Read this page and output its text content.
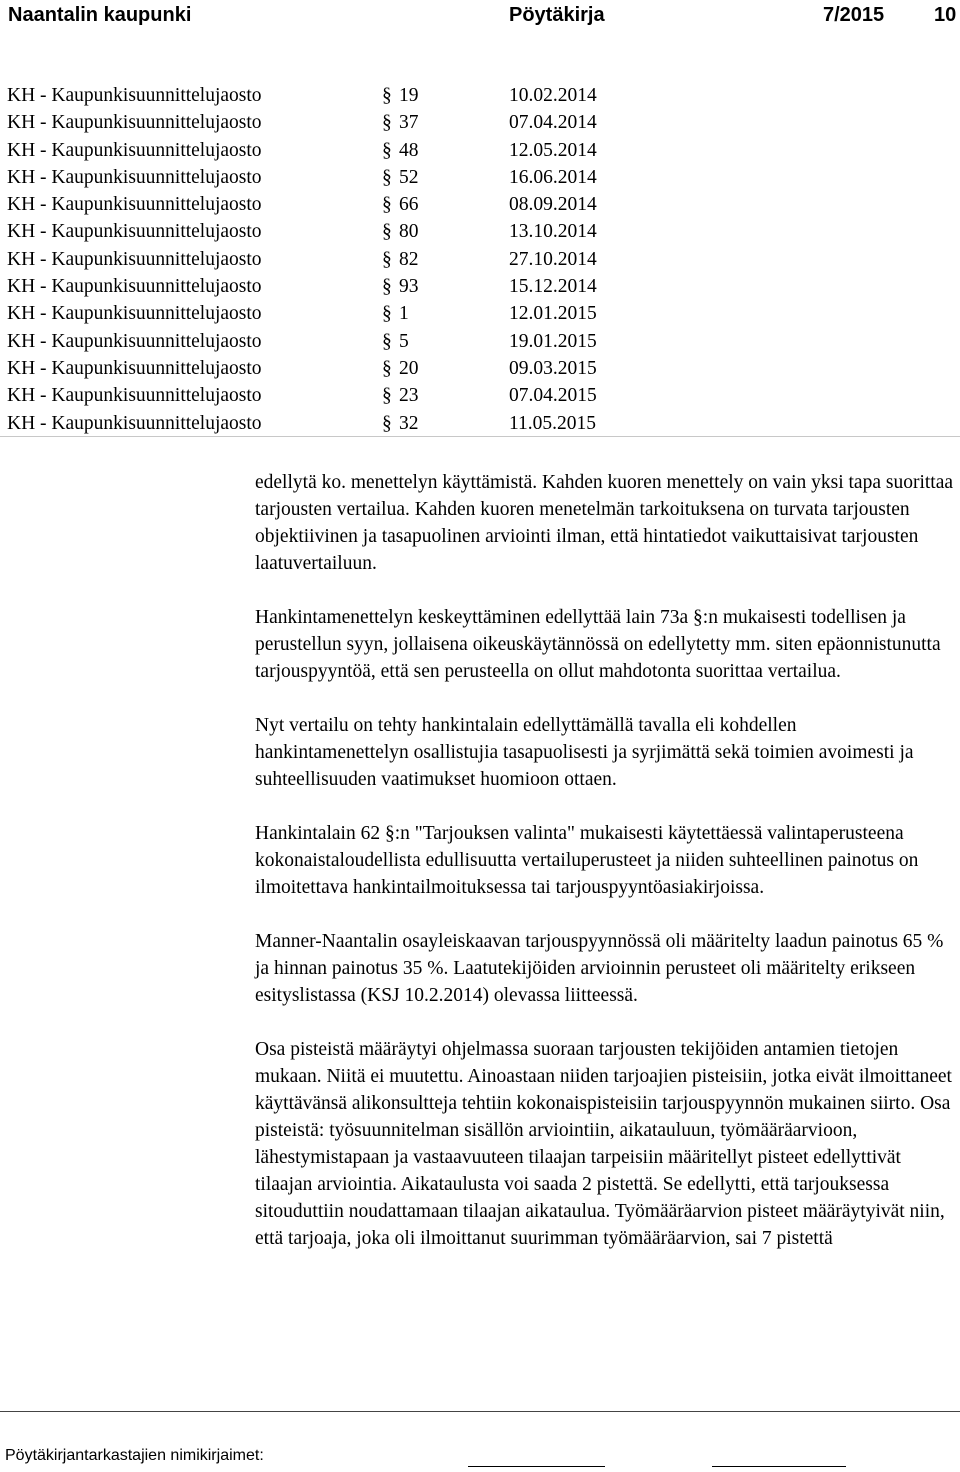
Naantalin kaupunki	Pöytäkirja	7/2015 10
KH - Kaupunkisuunnittelujaosto	§ 19	10.02.2014
KH - Kaupunkisuunnittelujaosto	§ 37	07.04.2014
KH - Kaupunkisuunnittelujaosto	§ 48	12.05.2014
KH - Kaupunkisuunnittelujaosto	§ 52	16.06.2014
KH - Kaupunkisuunnittelujaosto	§ 66	08.09.2014
KH - Kaupunkisuunnittelujaosto	§ 80	13.10.2014
KH - Kaupunkisuunnittelujaosto	§ 82	27.10.2014
KH - Kaupunkisuunnittelujaosto	§ 93	15.12.2014
KH - Kaupunkisuunnittelujaosto	§ 1	12.01.2015
KH - Kaupunkisuunnittelujaosto	§ 5	19.01.2015
KH - Kaupunkisuunnittelujaosto	§ 20	09.03.2015
KH - Kaupunkisuunnittelujaosto	§ 23	07.04.2015
KH - Kaupunkisuunnittelujaosto	§ 32	11.05.2015

edellytä ko. menettelyn käyttämistä. Kahden kuoren menettely on vain yksi tapa suorittaa tarjousten vertailua. Kahden kuoren menetelmän tarkoituksena on turvata tarjousten objektiivinen ja tasapuolinen arviointi ilman, että hintatiedot vaikuttaisivat tarjousten laatuvertailuun.

Hankintamenettelyn keskeyttäminen edellyttää lain 73a §:n mukaisesti todellisen ja perustellun syyn, jollaisena oikeuskäytännössä on edellytetty mm. siten epäonnistunutta tarjouspyyntöä, että sen perusteella on ollut mahdotonta suorittaa vertailua.

Nyt vertailu on tehty hankintalain edellyttämällä tavalla eli kohdellen hankintamenettelyn osallistujia tasapuolisesti ja syrjimättä sekä toimien avoimesti ja suhteellisuuden vaatimukset huomioon ottaen.

Hankintalain 62 §:n "Tarjouksen valinta" mukaisesti käytettäessä valintaperusteena kokonaistaloudellista edullisuutta vertailuperusteet ja niiden suhteellinen painotus on ilmoitettava hankintailmoituksessa tai tarjouspyyntöasiakirjoissa.

Manner-Naantalin osayleiskaavan tarjouspyynnössä oli määritelty laadun painotus 65 % ja hinnan painotus 35 %. Laatutekijöiden arvioinnin perusteet oli määritelty erikseen esityslistassa (KSJ 10.2.2014) olevassa liitteessä.

Osa pisteistä määräytyi ohjelmassa suoraan tarjousten tekijöiden antamien tietojen mukaan. Niitä ei muutettu. Ainoastaan niiden tarjoajien pisteisiin, jotka eivät ilmoittaneet käyttävänsä alikonsultteja tehtiin kokonaispisteisiin tarjouspyynnön mukainen siirto. Osa pisteistä: työsuunnitelman sisällön arviointiin, aikatauluun, työmääräarvioon, lähestymistapaan ja vastaavuuteen tilaajan tarpeisiin määritellyt pisteet edellyttivät tilaajan arviointia. Aikataulusta voi saada 2 pistettä. Se edellytti, että tarjouksessa sitouduttiin noudattamaan tilaajan aikataulua. Työmääräarvion pisteet määräytyivät niin, että tarjoaja, joka oli ilmoittanut suurimman työmääräarvion, sai 7 pistettä

Pöytäkirjantarkastajien nimikirjaimet:
